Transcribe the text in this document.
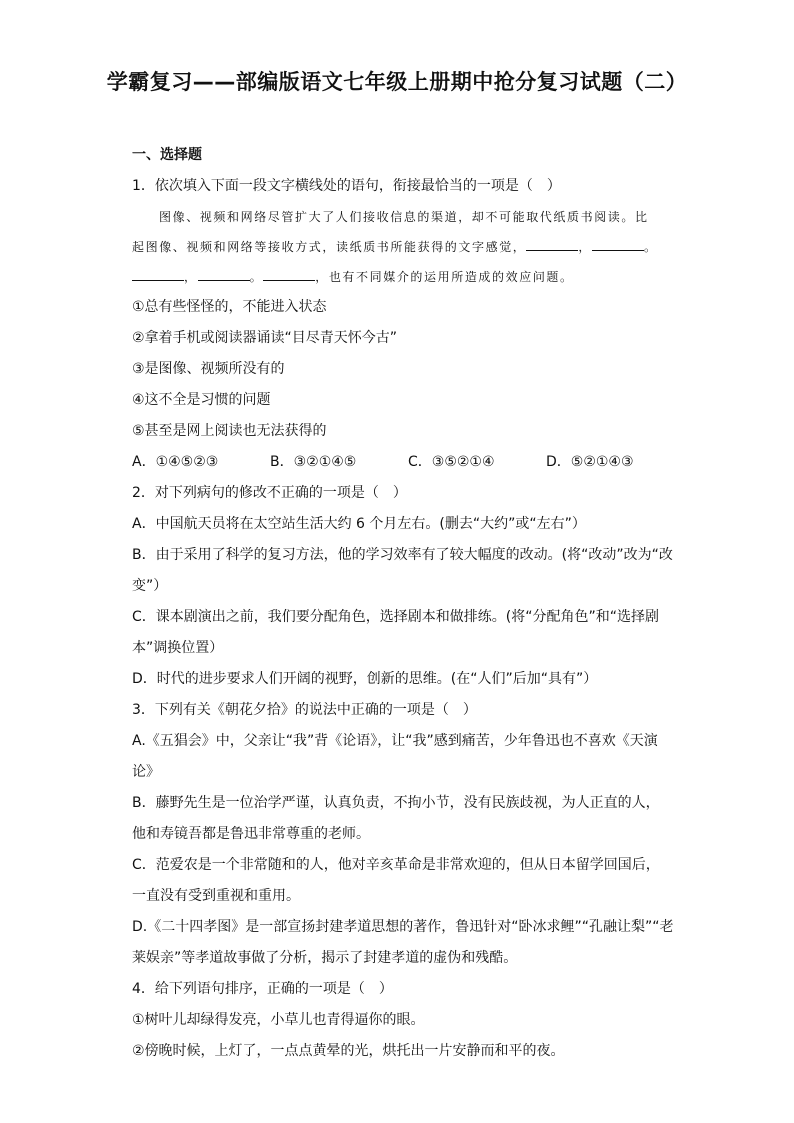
学霸复习——部编版语文七年级上册期中抢分复习试题（二）
一、选择题
1．依次填入下面一段文字横线处的语句，衔接最恰当的一项是（　）

图像、视频和网络尽管扩大了人们接收信息的渠道，却不可能取代纸质书阅读。比起图像、视频和网络等接收方式，读纸质书所能获得的文字感觉，	，	。，	。	，也有不同媒介的运用所造成的效应问题。

①总有些怪怪的，不能进入状态
②拿着手机或阅读器诵读“目尽青天怀今古”
③是图像、视频所没有的
④这不全是习惯的问题
⑤甚至是网上阅读也无法获得的
A．①④⑤②③	B．③②①④⑤	C．③⑤②①④	D．⑤②①④③
2．对下列病句的修改不正确的一项是（　）
A．中国航天员将在太空站生活大约 6 个月左右。(删去“大约”或“左右”）
B．由于采用了科学的复习方法，他的学习效率有了较大幅度的改动。(将“改动”改为“改
变”）
C．课本剧演出之前，我们要分配角色，选择剧本和做排练。(将“分配角色”和“选择剧
本”调换位置）
D．时代的进步要求人们开阔的视野，创新的思维。(在“人们”后加“具有”）
3．下列有关《朝花夕拾》的说法中正确的一项是（　）
A.《五猖会》中，父亲让“我”背《论语》，让“我”感到痛苦，少年鲁迅也不喜欢《天演
论》
B．藤野先生是一位治学严谨，认真负责，不拘小节，没有民族歧视，为人正直的人，
他和寿镜吾都是鲁迅非常尊重的老师。
C．范爱农是一个非常随和的人，他对辛亥革命是非常欢迎的，但从日本留学回国后，
一直没有受到重视和重用。
D.《二十四孝图》是一部宣扬封建孝道思想的著作，鲁迅针对“卧冰求鲤”“孔融让梨”“老
莱娱亲”等孝道故事做了分析，揭示了封建孝道的虚伪和残酷。
4．给下列语句排序，正确的一项是（　）
①树叶儿却绿得发亮，小草儿也青得逼你的眼。
②傍晚时候，上灯了，一点点黄晕的光，烘托出一片安静而和平的夜。
